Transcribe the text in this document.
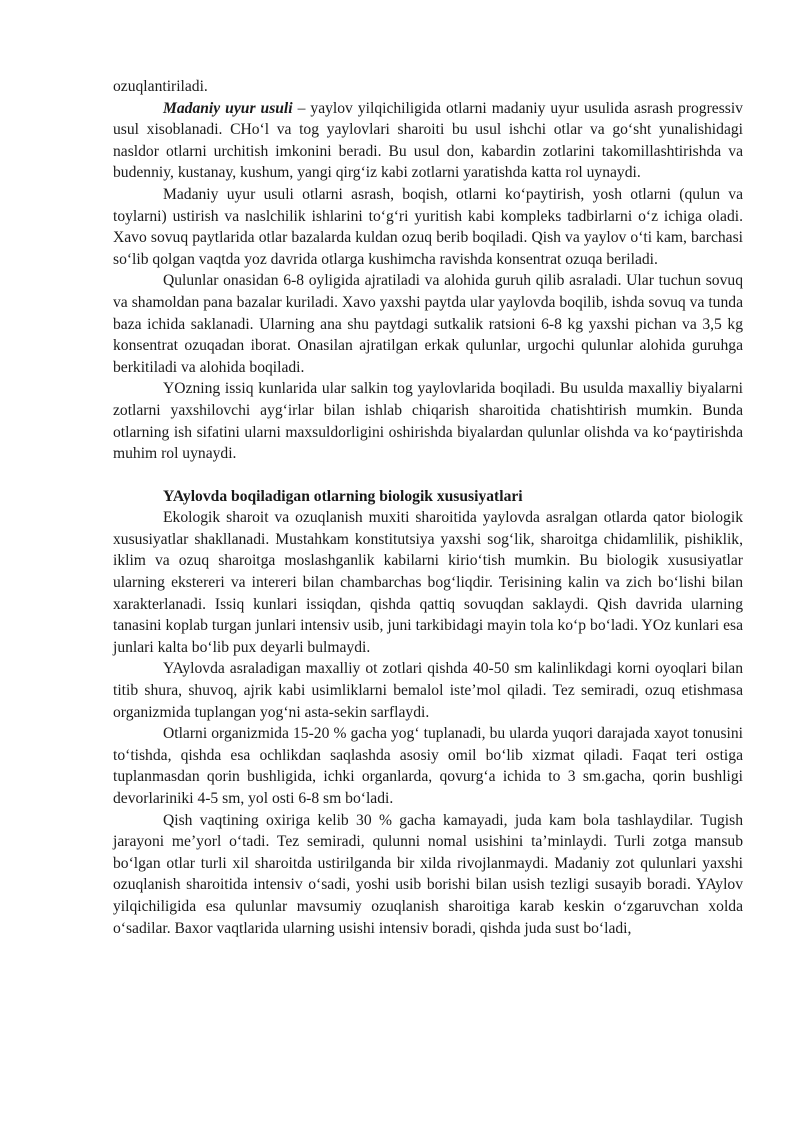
ozuqlantiriladi.

Madaniy uyur usuli – yaylov yilqichiligida otlarni madaniy uyur usulida asrash progressiv usul xisoblanadi. CHo‘l va tog yaylovlari sharoiti bu usul ishchi otlar va go‘sht yunalishidagi nasldor otlarni urchitish imkonini beradi. Bu usul don, kabardin zotlarini takomillashtirishda va budenniy, kustanay, kushum, yangi qirg‘iz kabi zotlarni yaratishda katta rol uynaydi.

Madaniy uyur usuli otlarni asrash, boqish, otlarni ko‘paytirish, yosh otlarni (qulun va toylarni) ustirish va naslchilik ishlarini to‘g‘ri yuritish kabi kompleks tadbirlarni o‘z ichiga oladi. Xavo sovuq paytlarida otlar bazalarda kuldan ozuq berib boqiladi. Qish va yaylov o‘ti kam, barchasi so‘lib qolgan vaqtda yoz davrida otlarga kushimcha ravishda konsentrat ozuqa beriladi.

Qulunlar onasidan 6-8 oyligida ajratiladi va alohida guruh qilib asraladi. Ular tuchun sovuq va shamoldan pana bazalar kuriladi. Xavo yaxshi paytda ular yaylovda boqilib, ishda sovuq va tunda baza ichida saklanadi. Ularning ana shu paytdagi sutkalik ratsioni 6-8 kg yaxshi pichan va 3,5 kg konsentrat ozuqadan iborat. Onasilan ajratilgan erkak qulunlar, urgochi qulunlar alohida guruhga berkitiladi va alohida boqiladi.

YOzning issiq kunlarida ular salkin tog yaylovlarida boqiladi. Bu usulda maxalliy biyalarni zotlarni yaxshilovchi ayg‘irlar bilan ishlab chiqarish sharoitida chatishtirish mumkin. Bunda otlarning ish sifatini ularni maxsuldorligini oshirishda biyalardan qulunlar olishda va ko‘paytirishda muhim rol uynaydi.

YAylovda boqiladigan otlarning biologik xususiyatlari

Ekologik sharoit va ozuqlanish muxiti sharoitida yaylovda asralgan otlarda qator biologik xususiyatlar shakllanadi. Mustahkam konstitutsiya yaxshi sog‘lik, sharoitga chidamlilik, pishiklik, iklim va ozuq sharoitga moslashganlik kabilarni kirio‘tish mumkin. Bu biologik xususiyatlar ularning ekstereri va intereri bilan chambarchas bog‘liqdir. Terisining kalin va zich bo‘lishi bilan xarakterlanadi. Issiq kunlari issiqdan, qishda qattiq sovuqdan saklaydi. Qish davrida ularning tanasini koplab turgan junlari intensiv usib, juni tarkibidagi mayin tola ko‘p bo‘ladi. YOz kunlari esa junlari kalta bo‘lib pux deyarli bulmaydi.

YAylovda asraladigan maxalliy ot zotlari qishda 40-50 sm kalinlikdagi korni oyoqlari bilan titib shura, shuvoq, ajrik kabi usimliklarni bemalol iste’mol qiladi. Tez semiradi, ozuq etishmasa organizmida tuplangan yog‘ni asta-sekin sarflaydi.

Otlarni organizmida 15-20 % gacha yog‘ tuplanadi, bu ularda yuqori darajada xayot tonusini to‘tishda, qishda esa ochlikdan saqlashda asosiy omil bo‘lib xizmat qiladi. Faqat teri ostiga tuplanmasdan qorin bushligida, ichki organlarda, qovurg‘a ichida to 3 sm.gacha, qorin bushligi devorlariniki 4-5 sm, yol osti 6-8 sm bo‘ladi.

Qish vaqtining oxiriga kelib 30 % gacha kamayadi, juda kam bola tashlaydilar. Tugish jarayoni me’yorl o‘tadi. Tez semiradi, qulunni nomal usishini ta’minlaydi. Turli zotga mansub bo‘lgan otlar turli xil sharoitda ustirilganda bir xilda rivojlanmaydi. Madaniy zot qulunlari yaxshi ozuqlanish sharoitida intensiv o‘sadi, yoshi usib borishi bilan usish tezligi susayib boradi. YAylov yilqichiligida esa qulunlar mavsumiy ozuqlanish sharoitiga karab keskin o‘zgaruvchan xolda o‘sadilar. Baxor vaqtlarida ularning usishi intensiv boradi, qishda juda sust bo‘ladi,
